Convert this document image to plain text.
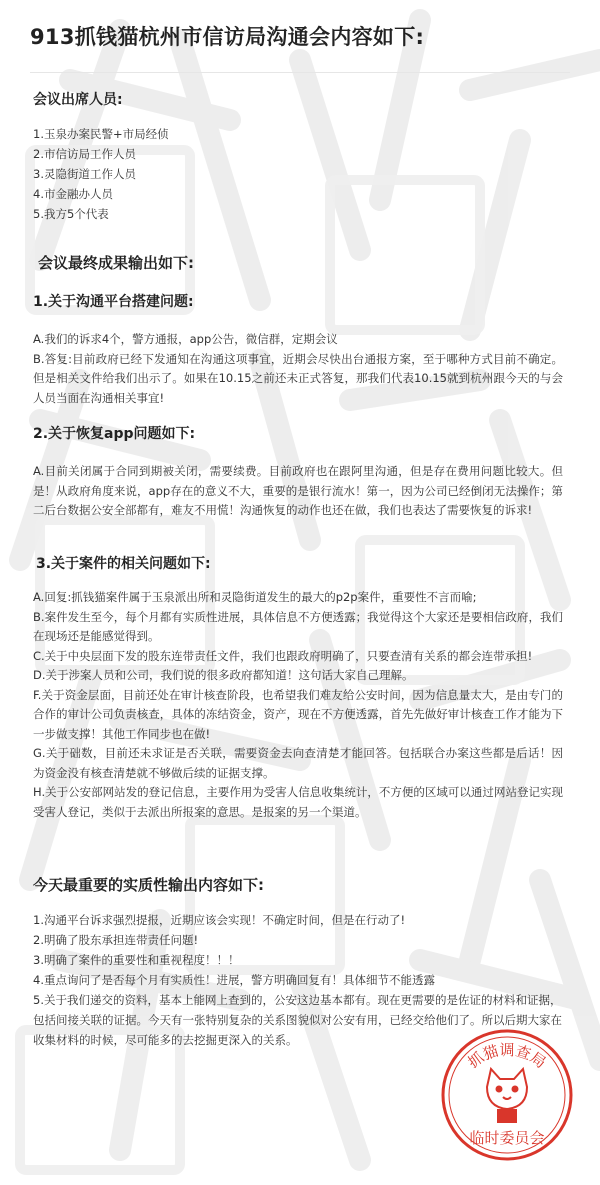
913抓钱猫杭州市信访局沟通会内容如下:
会议出席人员:
1.玉泉办案民警+市局经侦
2.市信访局工作人员
3.灵隐街道工作人员
4.市金融办人员
5.我方5个代表
会议最终成果输出如下:
1.关于沟通平台搭建问题:

A.我们的诉求4个，警方通报，app公告，微信群，定期会议

B.答复:目前政府已经下发通知在沟通这项事宜，近期会尽快出台通报方案，至于哪种方式目前不确定。但是相关文件给我们出示了。如果在10.15之前还未正式答复，那我们代表10.15就到杭州跟今天的与会人员当面在沟通相关事宜!

2.关于恢复app问题如下:

A.目前关闭属于合同到期被关闭，需要续费。目前政府也在跟阿里沟通，但是存在费用问题比较大。但是！从政府角度来说，app存在的意义不大，重要的是银行流水！第一，因为公司已经倒闭无法操作；第二后台数据公安全部都有，难友不用慌！沟通恢复的动作也还在做，我们也表达了需要恢复的诉求!

3.关于案件的相关问题如下:

A.回复:抓钱猫案件属于玉泉派出所和灵隐街道发生的最大的p2p案件，重要性不言而喻;

B.案件发生至今，每个月都有实质性进展，具体信息不方便透露；我觉得这个大家还是要相信政府，我们在现场还是能感觉得到。

C.关于中央层面下发的股东连带责任文件，我们也跟政府明确了，只要查清有关系的都会连带承担!

D.关于涉案人员和公司，我们说的很多政府都知道！这句话大家自己理解。

F.关于资金层面，目前还处在审计核查阶段，也希望我们难友给公安时间，因为信息量太大，是由专门的合作的审计公司负责核查，具体的冻结资金，资产，现在不方便透露，首先先做好审计核查工作才能为下一步做支撑！其他工作同步也在做!

G.关于础数，目前还未求证是否关联，需要资金去向查清楚才能回答。包括联合办案这些都是后话！因为资金没有核查清楚就不够做后续的证据支撑。

H.关于公安部网站发的登记信息，主要作用为受害人信息收集统计，不方便的区域可以通过网站登记实现受害人登记，类似于去派出所报案的意思。是报案的另一个渠道。

今天最重要的实质性输出内容如下:
1.沟通平台诉求强烈提报，近期应该会实现！不确定时间，但是在行动了!
2.明确了股东承担连带责任问题!
3.明确了案件的重要性和重视程度！！！
4.重点询问了是否每个月有实质性！进展，警方明确回复有！具体细节不能透露
5.关于我们递交的资料，基本上能网上查到的，公安这边基本都有。现在更需要的是佐证的材料和证据，包括间接关联的证据。今天有一张特别复杂的关系图貌似对公安有用，已经交给他们了。所以后期大家在收集材料的时候，尽可能多的去挖掘更深入的关系。
抓猫调查局
临时委员会
